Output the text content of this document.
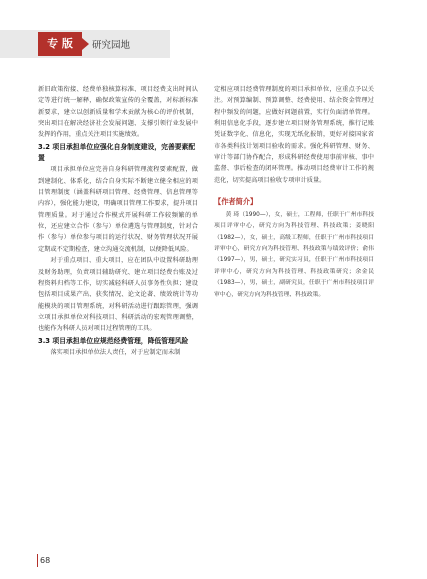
专 版	研究园地

新旧政策衔接、经费单独核算标准、项目经费支出时间认定等进行统一解释，确保政策宣传的全覆盖，对标新标准新要求，建立以创新质量和学术贡献为核心的评价机制，突出项目在解决经济社会发展问题、支撑引领行业发展中发挥的作用，重点关注项目实施绩效。

3.2 项目承担单位应强化自身制度建设，完善要素配置

项目承担单位应完善自身科研管理流程要素配置，做到建制化、体系化，结合自身实际不断建立健全相应的项目管理制度（涵盖科研项目管理、经费管理、信息管理等内容），强化能力建设，明确项目管理工作要求，提升项目管理质量。对于通过合作模式开展科研工作较频繁的单位，还应建立合作（参与）单位遴选与管理制度，针对合作（参与）单位参与项目的运行状况、财务管理状况开展定期或不定期检查，建立沟通交流机制，以便降低风险。

对于重点项目、重大项目，应在团队中设置科研助理及财务助理，负责项目辅助研究、建立项目经费台账及过程资料归档等工作，切实减轻科研人员事务性负担；建设包括项目成果产出、获奖情况、论文论著、绩效统计等功能模块的项目管理系统，对科研活动进行跟踪管理，强调立项目承担单位对科技项目、科研活动的宏观管理调整，也能作为科研人员对项目过程管理的工具。

3.3 项目承担单位应规范经费管理，降低管理风险

落实项目承担单位法人责任，对于应制定而未制

定相应项目经费管理制度的项目承担单位，应重点予以关注。对预算编制、预算调整、经费使用、结余资金管理过程中频发的问题，应做好问题前置，实行负面清单管理。利用信息化手段，逐步建立项目财务管理系统，推行记账凭证数字化、信息化，实现无纸化报销，更好对接国家省市各类科技计划项目验收的需求。强化科研管理、财务、审计等部门协作配合，形成科研经费使用事前审核、事中监督、事后检查的闭环管理。推动项目经费审计工作的规范化，切实提高项目验收专项审计质量。

【作者简介】

黄 琦（1990—），女，硕士，工程师，任职于广州市科技项目评审中心，研究方向为科技管理、科技政策；姜晓阳（1982—），女，硕士，高级工程师，任职于广州市科技项目评审中心，研究方向为科技管理、科技政策与绩效评价；俞伟（1997—），男，硕士，研究实习员，任职于广州市科技项目评审中心，研究方向为科技管理、科技政策研究；余金民（1983—），男，硕士，副研究员，任职于广州市科技项目评审中心，研究方向为科技管理、科技政策。

68
